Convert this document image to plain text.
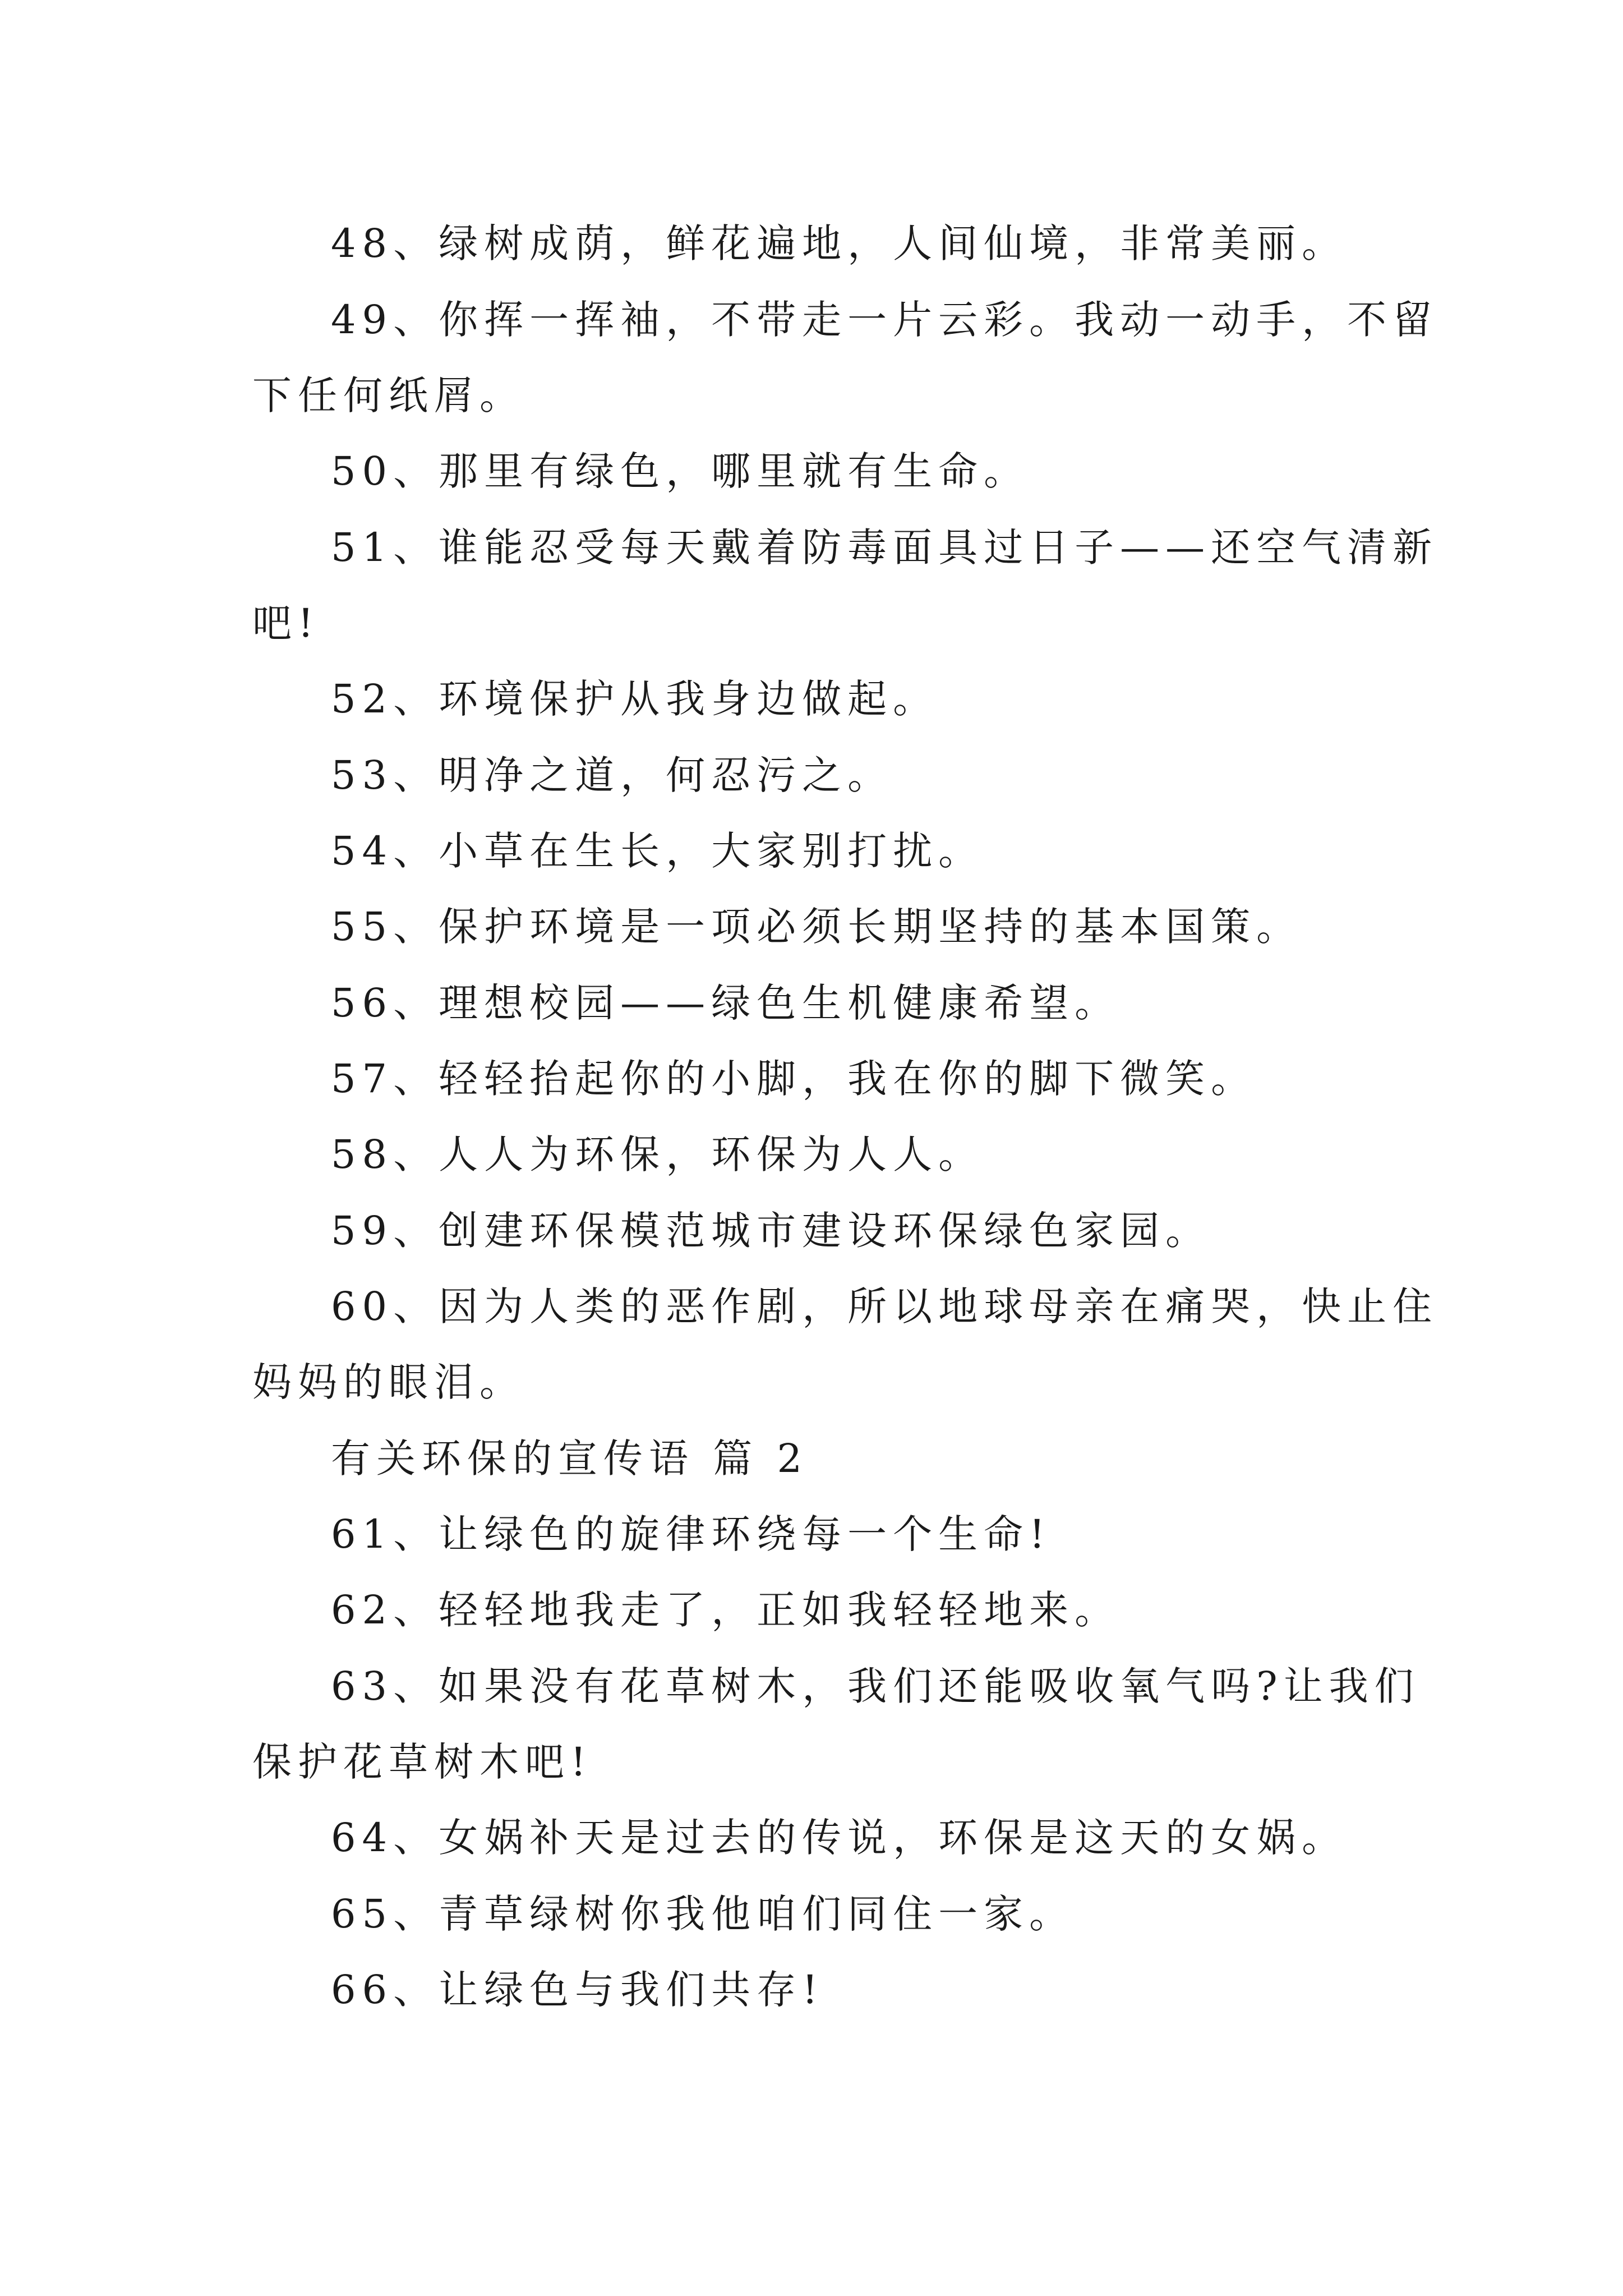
48、绿树成荫，鲜花遍地，人间仙境，非常美丽。
49、你挥一挥袖，不带走一片云彩。我动一动手，不留
下任何纸屑。
50、那里有绿色，哪里就有生命。
51、谁能忍受每天戴着防毒面具过日子——还空气清新
吧!
52、环境保护从我身边做起。
53、明净之道，何忍污之。
54、小草在生长，大家别打扰。
55、保护环境是一项必须长期坚持的基本国策。
56、理想校园——绿色生机健康希望。
57、轻轻抬起你的小脚，我在你的脚下微笑。
58、人人为环保，环保为人人。
59、创建环保模范城市建设环保绿色家园。
60、因为人类的恶作剧，所以地球母亲在痛哭，快止住
妈妈的眼泪。
有关环保的宣传语 篇 2
61、让绿色的旋律环绕每一个生命!
62、轻轻地我走了，正如我轻轻地来。
63、如果没有花草树木，我们还能吸收氧气吗?让我们
保护花草树木吧!
64、女娲补天是过去的传说，环保是这天的女娲。
65、青草绿树你我他咱们同住一家。
66、让绿色与我们共存!
